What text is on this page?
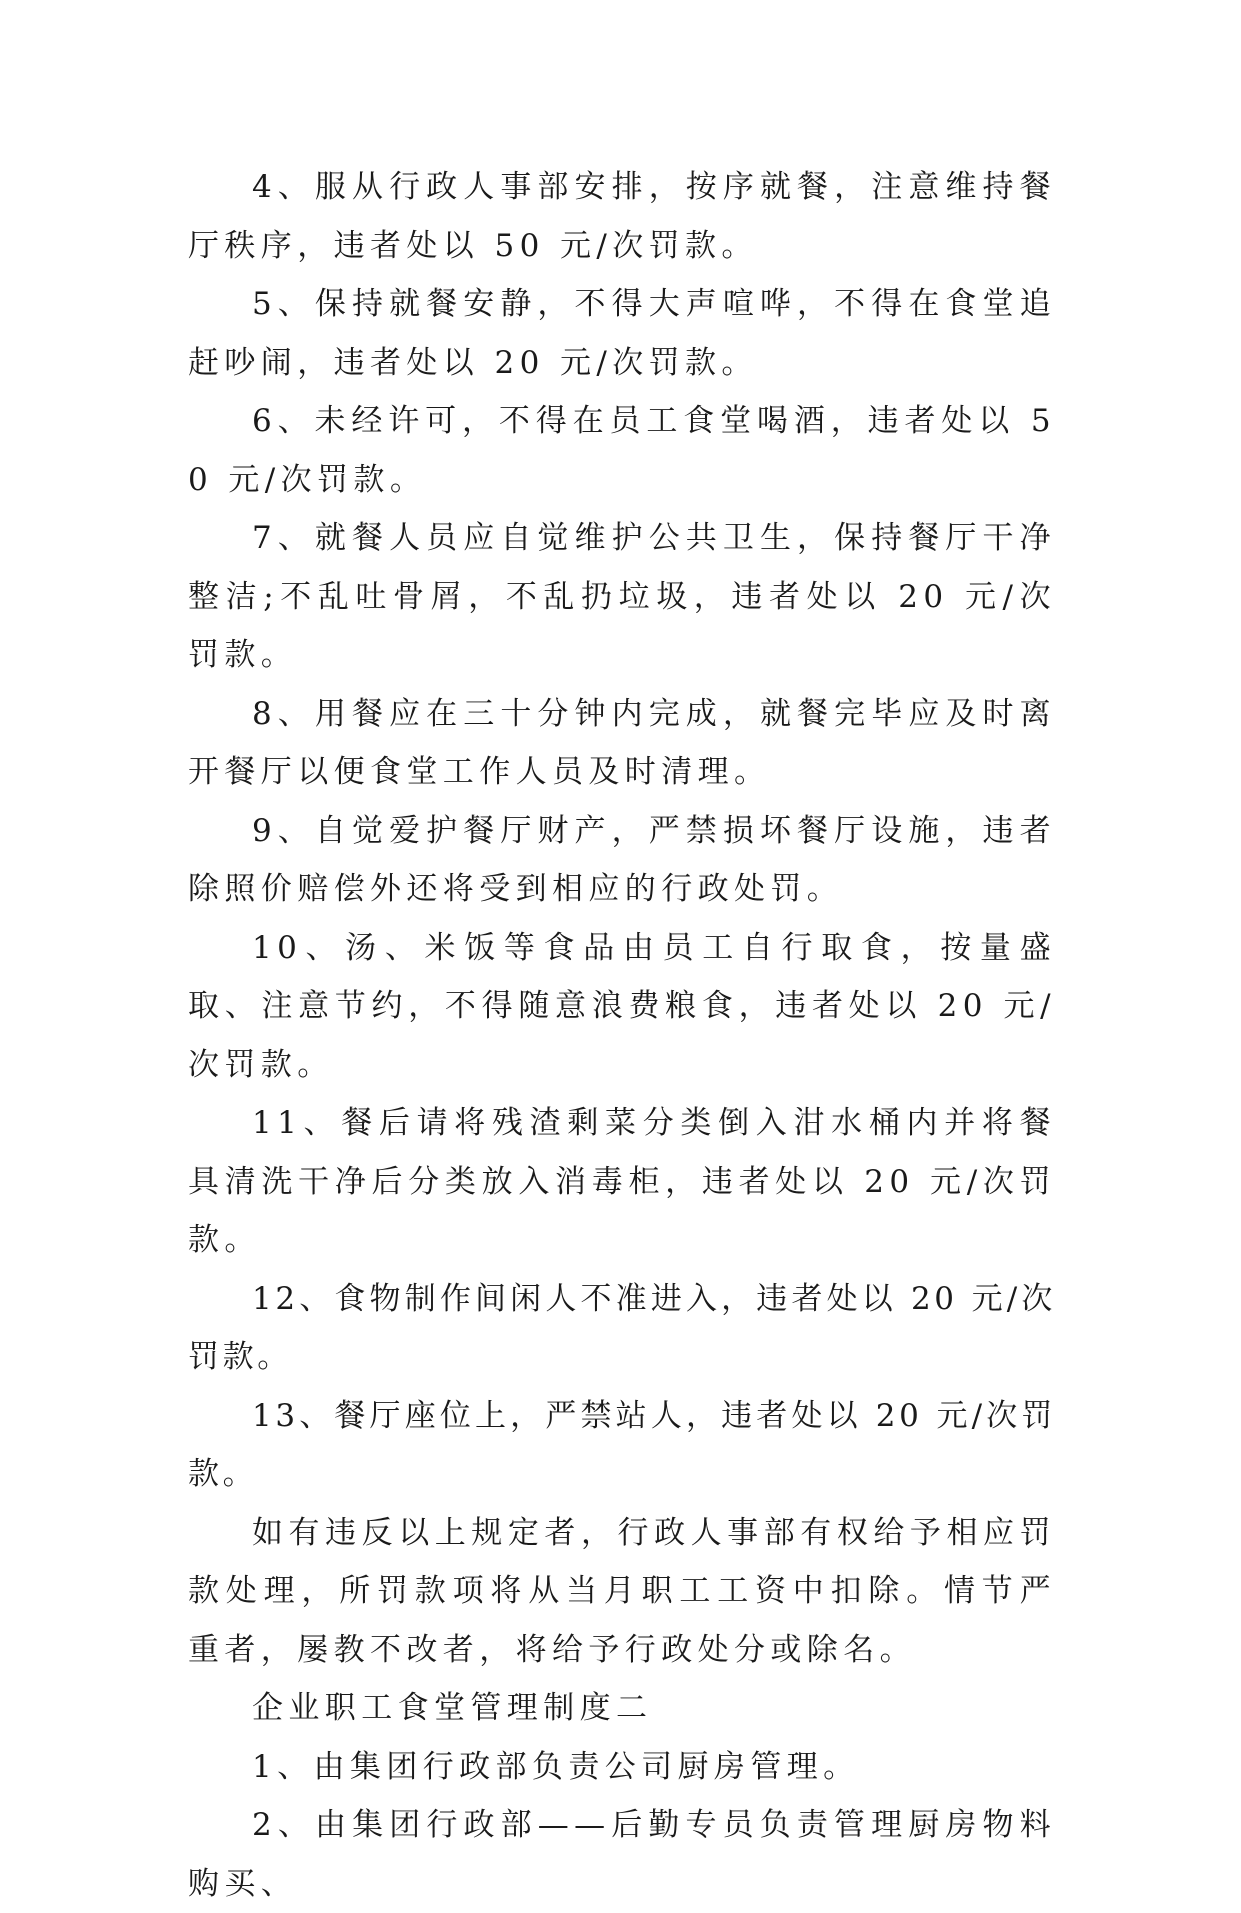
4、服从行政人事部安排，按序就餐，注意维持餐厅秩序，违者处以 50 元/次罚款。

5、保持就餐安静，不得大声喧哗，不得在食堂追赶吵闹，违者处以 20 元/次罚款。

6、未经许可，不得在员工食堂喝酒，违者处以 50 元/次罚款。

7、就餐人员应自觉维护公共卫生，保持餐厅干净整洁;不乱吐骨屑，不乱扔垃圾，违者处以 20 元/次罚款。

8、用餐应在三十分钟内完成，就餐完毕应及时离开餐厅以便食堂工作人员及时清理。

9、自觉爱护餐厅财产，严禁损坏餐厅设施，违者除照价赔偿外还将受到相应的行政处罚。

10、汤、米饭等食品由员工自行取食，按量盛取、注意节约，不得随意浪费粮食，违者处以 20 元/次罚款。

11、餐后请将残渣剩菜分类倒入泔水桶内并将餐具清洗干净后分类放入消毒柜，违者处以 20 元/次罚款。

12、食物制作间闲人不准进入，违者处以 20 元/次罚款。

13、餐厅座位上，严禁站人，违者处以 20 元/次罚款。

如有违反以上规定者，行政人事部有权给予相应罚款处理，所罚款项将从当月职工工资中扣除。情节严重者，屡教不改者，将给予行政处分或除名。

企业职工食堂管理制度二

1、由集团行政部负责公司厨房管理。

2、由集团行政部——后勤专员负责管理厨房物料购买、
